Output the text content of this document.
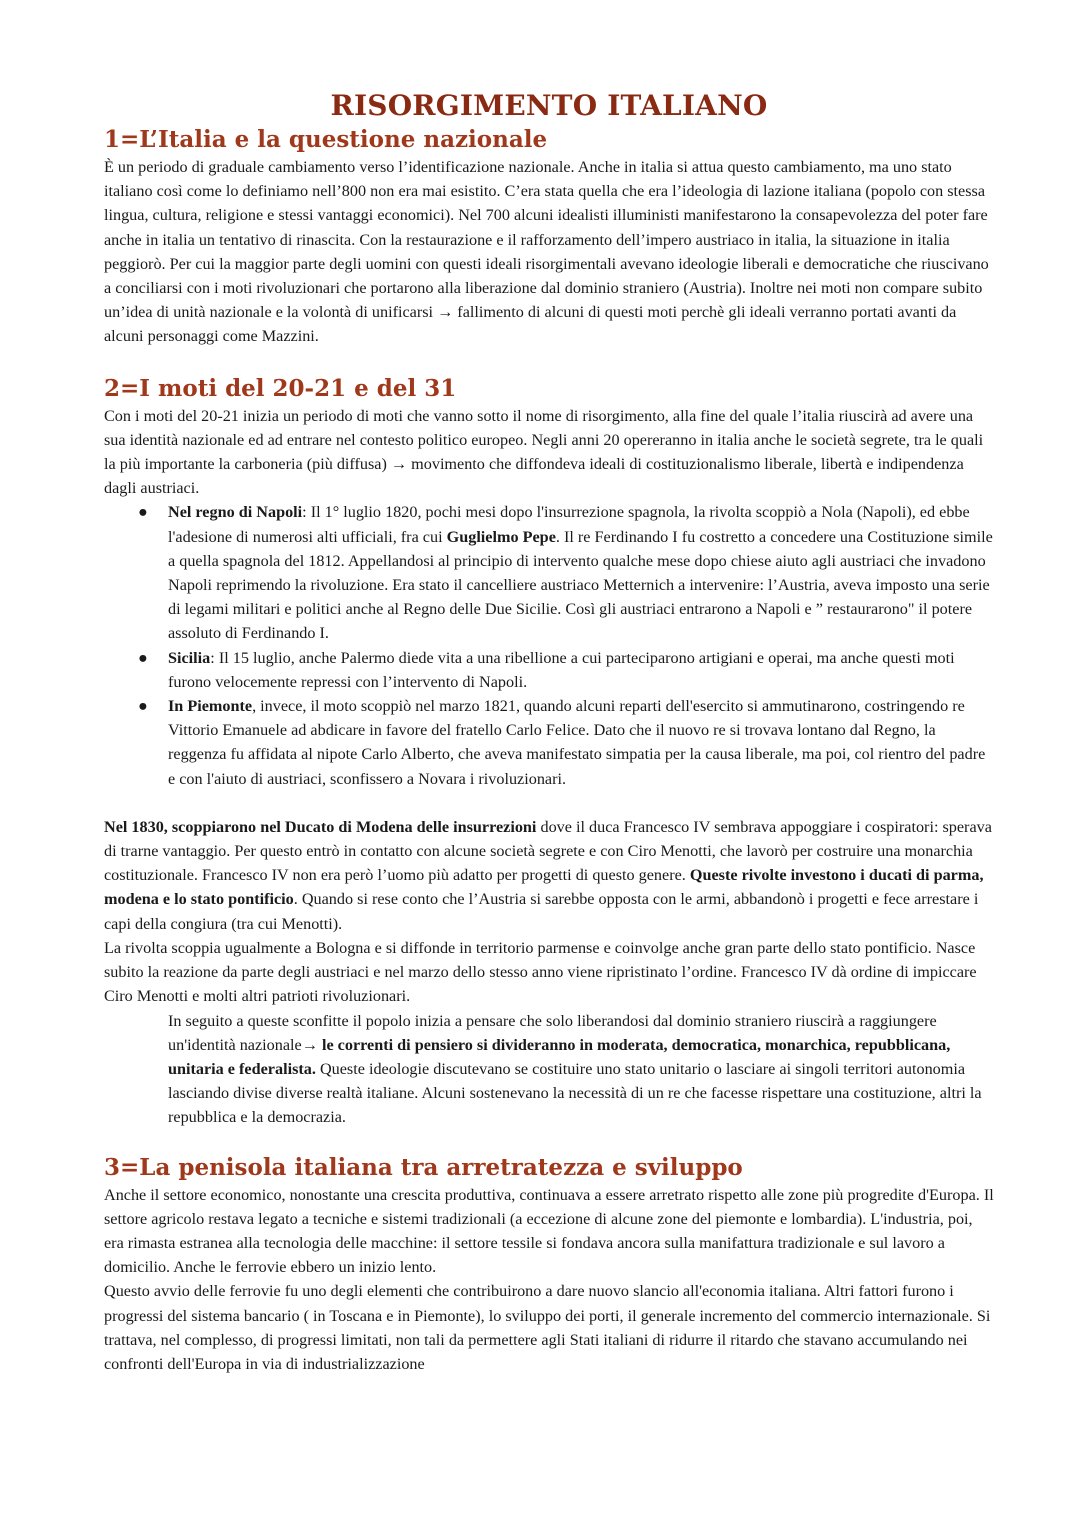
RISORGIMENTO ITALIANO
1=L’Italia e la questione nazionale

È un periodo di graduale cambiamento verso l’identificazione nazionale. Anche in italia si attua questo cambiamento, ma uno stato italiano così come lo definiamo nell’800 non era mai esistito. C’era stata quella che era l’ideologia di lazione italiana (popolo con stessa lingua, cultura, religione e stessi vantaggi economici). Nel 700 alcuni idealisti illuministi manifestarono la consapevolezza del poter fare anche in italia un tentativo di rinascita. Con la restaurazione e il rafforzamento dell’impero austriaco in italia, la situazione in italia peggiorò. Per cui la maggior parte degli uomini con questi ideali risorgimentali avevano ideologie liberali e democratiche che riuscivano a conciliarsi con i moti rivoluzionari che portarono alla liberazione dal dominio straniero (Austria). Inoltre nei moti non compare subito un’idea di unità nazionale e la volontà di unificarsi → fallimento di alcuni di questi moti perchè gli ideali verranno portati avanti da alcuni personaggi come Mazzini.

2=I moti del 20-21 e del 31

Con i moti del 20-21 inizia un periodo di moti che vanno sotto il nome di risorgimento, alla fine del quale l’italia riuscirà ad avere una sua identità nazionale ed ad entrare nel contesto politico europeo. Negli anni 20 opereranno in italia anche le società segrete, tra le quali la più importante la carboneria (più diffusa) → movimento che diffondeva ideali di costituzionalismo liberale, libertà e indipendenza dagli austriaci.

● Nel regno di Napoli: Il 1° luglio 1820, pochi mesi dopo l'insurrezione spagnola, la rivolta scoppiò a Nola (Napoli), ed ebbe l'adesione di numerosi alti ufficiali, fra cui Guglielmo Pepe. Il re Ferdinando I fu costretto a concedere una Costituzione simile a quella spagnola del 1812. Appellandosi al principio di intervento qualche mese dopo chiese aiuto agli austriaci che invadono Napoli reprimendo la rivoluzione. Era stato il cancelliere austriaco Metternich a intervenire: l’Austria, aveva imposto una serie di legami militari e politici anche al Regno delle Due Sicilie. Così gli austriaci entrarono a Napoli e ” restaurarono" il potere assoluto di Ferdinando I.
● Sicilia: Il 15 luglio, anche Palermo diede vita a una ribellione a cui parteciparono artigiani e operai, ma anche questi moti furono velocemente repressi con l’intervento di Napoli.
● In Piemonte, invece, il moto scoppiò nel marzo 1821, quando alcuni reparti dell'esercito si ammutinarono, costringendo re Vittorio Emanuele ad abdicare in favore del fratello Carlo Felice. Dato che il nuovo re si trovava lontano dal Regno, la reggenza fu affidata al nipote Carlo Alberto, che aveva manifestato simpatia per la causa liberale, ma poi, col rientro del padre e con l'aiuto di austriaci, sconfissero a Novara i rivoluzionari.

Nel 1830, scoppiarono nel Ducato di Modena delle insurrezioni dove il duca Francesco IV sembrava appoggiare i cospiratori: sperava di trarne vantaggio. Per questo entrò in contatto con alcune società segrete e con Ciro Menotti, che lavorò per costruire una monarchia costituzionale. Francesco IV non era però l’uomo più adatto per progetti di questo genere. Queste rivolte investono i ducati di parma, modena e lo stato pontificio. Quando si rese conto che l’Austria si sarebbe opposta con le armi, abbandonò i progetti e fece arrestare i capi della congiura (tra cui Menotti).

La rivolta scoppia ugualmente a Bologna e si diffonde in territorio parmense e coinvolge anche gran parte dello stato pontificio. Nasce subito la reazione da parte degli austriaci e nel marzo dello stesso anno viene ripristinato l’ordine. Francesco IV dà ordine di impiccare Ciro Menotti e molti altri patrioti rivoluzionari.

In seguito a queste sconfitte il popolo inizia a pensare che solo liberandosi dal dominio straniero riuscirà a raggiungere un'identità nazionale→ le correnti di pensiero si divideranno in moderata, democratica, monarchica, repubblicana, unitaria e federalista. Queste ideologie discutevano se costituire uno stato unitario o lasciare ai singoli territori autonomia lasciando divise diverse realtà italiane. Alcuni sostenevano la necessità di un re che facesse rispettare una costituzione, altri la repubblica e la democrazia.

3=La penisola italiana tra arretratezza e sviluppo

Anche il settore economico, nonostante una crescita produttiva, continuava a essere arretrato rispetto alle zone più progredite d'Europa. Il settore agricolo restava legato a tecniche e sistemi tradizionali (a eccezione di alcune zone del piemonte e lombardia). L'industria, poi, era rimasta estranea alla tecnologia delle macchine: il settore tessile si fondava ancora sulla manifattura tradizionale e sul lavoro a domicilio. Anche le ferrovie ebbero un inizio lento.

Questo avvio delle ferrovie fu uno degli elementi che contribuirono a dare nuovo slancio all'economia italiana. Altri fattori furono i progressi del sistema bancario ( in Toscana e in Piemonte), lo sviluppo dei porti, il generale incremento del commercio internazionale. Si trattava, nel complesso, di progressi limitati, non tali da permettere agli Stati italiani di ridurre il ritardo che stavano accumulando nei confronti dell'Europa in via di industrializzazione
